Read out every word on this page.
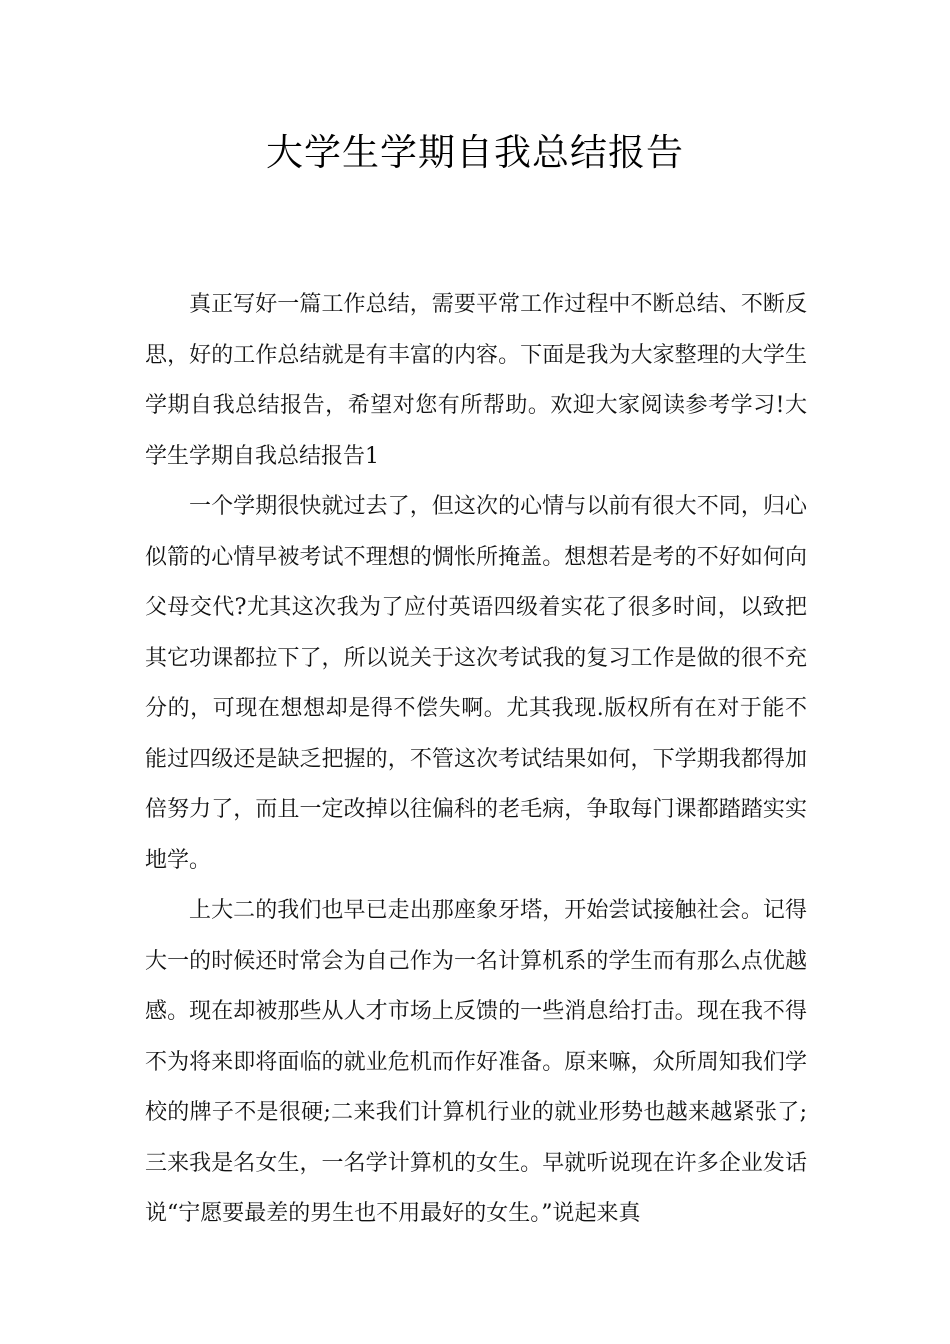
大学生学期自我总结报告

真正写好一篇工作总结，需要平常工作过程中不断总结、不断反思，好的工作总结就是有丰富的内容。下面是我为大家整理的大学生学期自我总结报告，希望对您有所帮助。欢迎大家阅读参考学习!大学生学期自我总结报告1

一个学期很快就过去了，但这次的心情与以前有很大不同，归心似箭的心情早被考试不理想的惆怅所掩盖。想想若是考的不好如何向父母交代?尤其这次我为了应付英语四级着实花了很多时间，以致把其它功课都拉下了，所以说关于这次考试我的复习工作是做的很不充分的，可现在想想却是得不偿失啊。尤其我现.版权所有在对于能不能过四级还是缺乏把握的，不管这次考试结果如何，下学期我都得加倍努力了，而且一定改掉以往偏科的老毛病，争取每门课都踏踏实实地学。

上大二的我们也早已走出那座象牙塔，开始尝试接触社会。记得大一的时候还时常会为自己作为一名计算机系的学生而有那么点优越感。现在却被那些从人才市场上反馈的一些消息给打击。现在我不得不为将来即将面临的就业危机而作好准备。原来嘛，众所周知我们学校的牌子不是很硬;二来我们计算机行业的就业形势也越来越紧张了;三来我是名女生，一名学计算机的女生。早就听说现在许多企业发话说“宁愿要最差的男生也不用最好的女生。”说起来真
